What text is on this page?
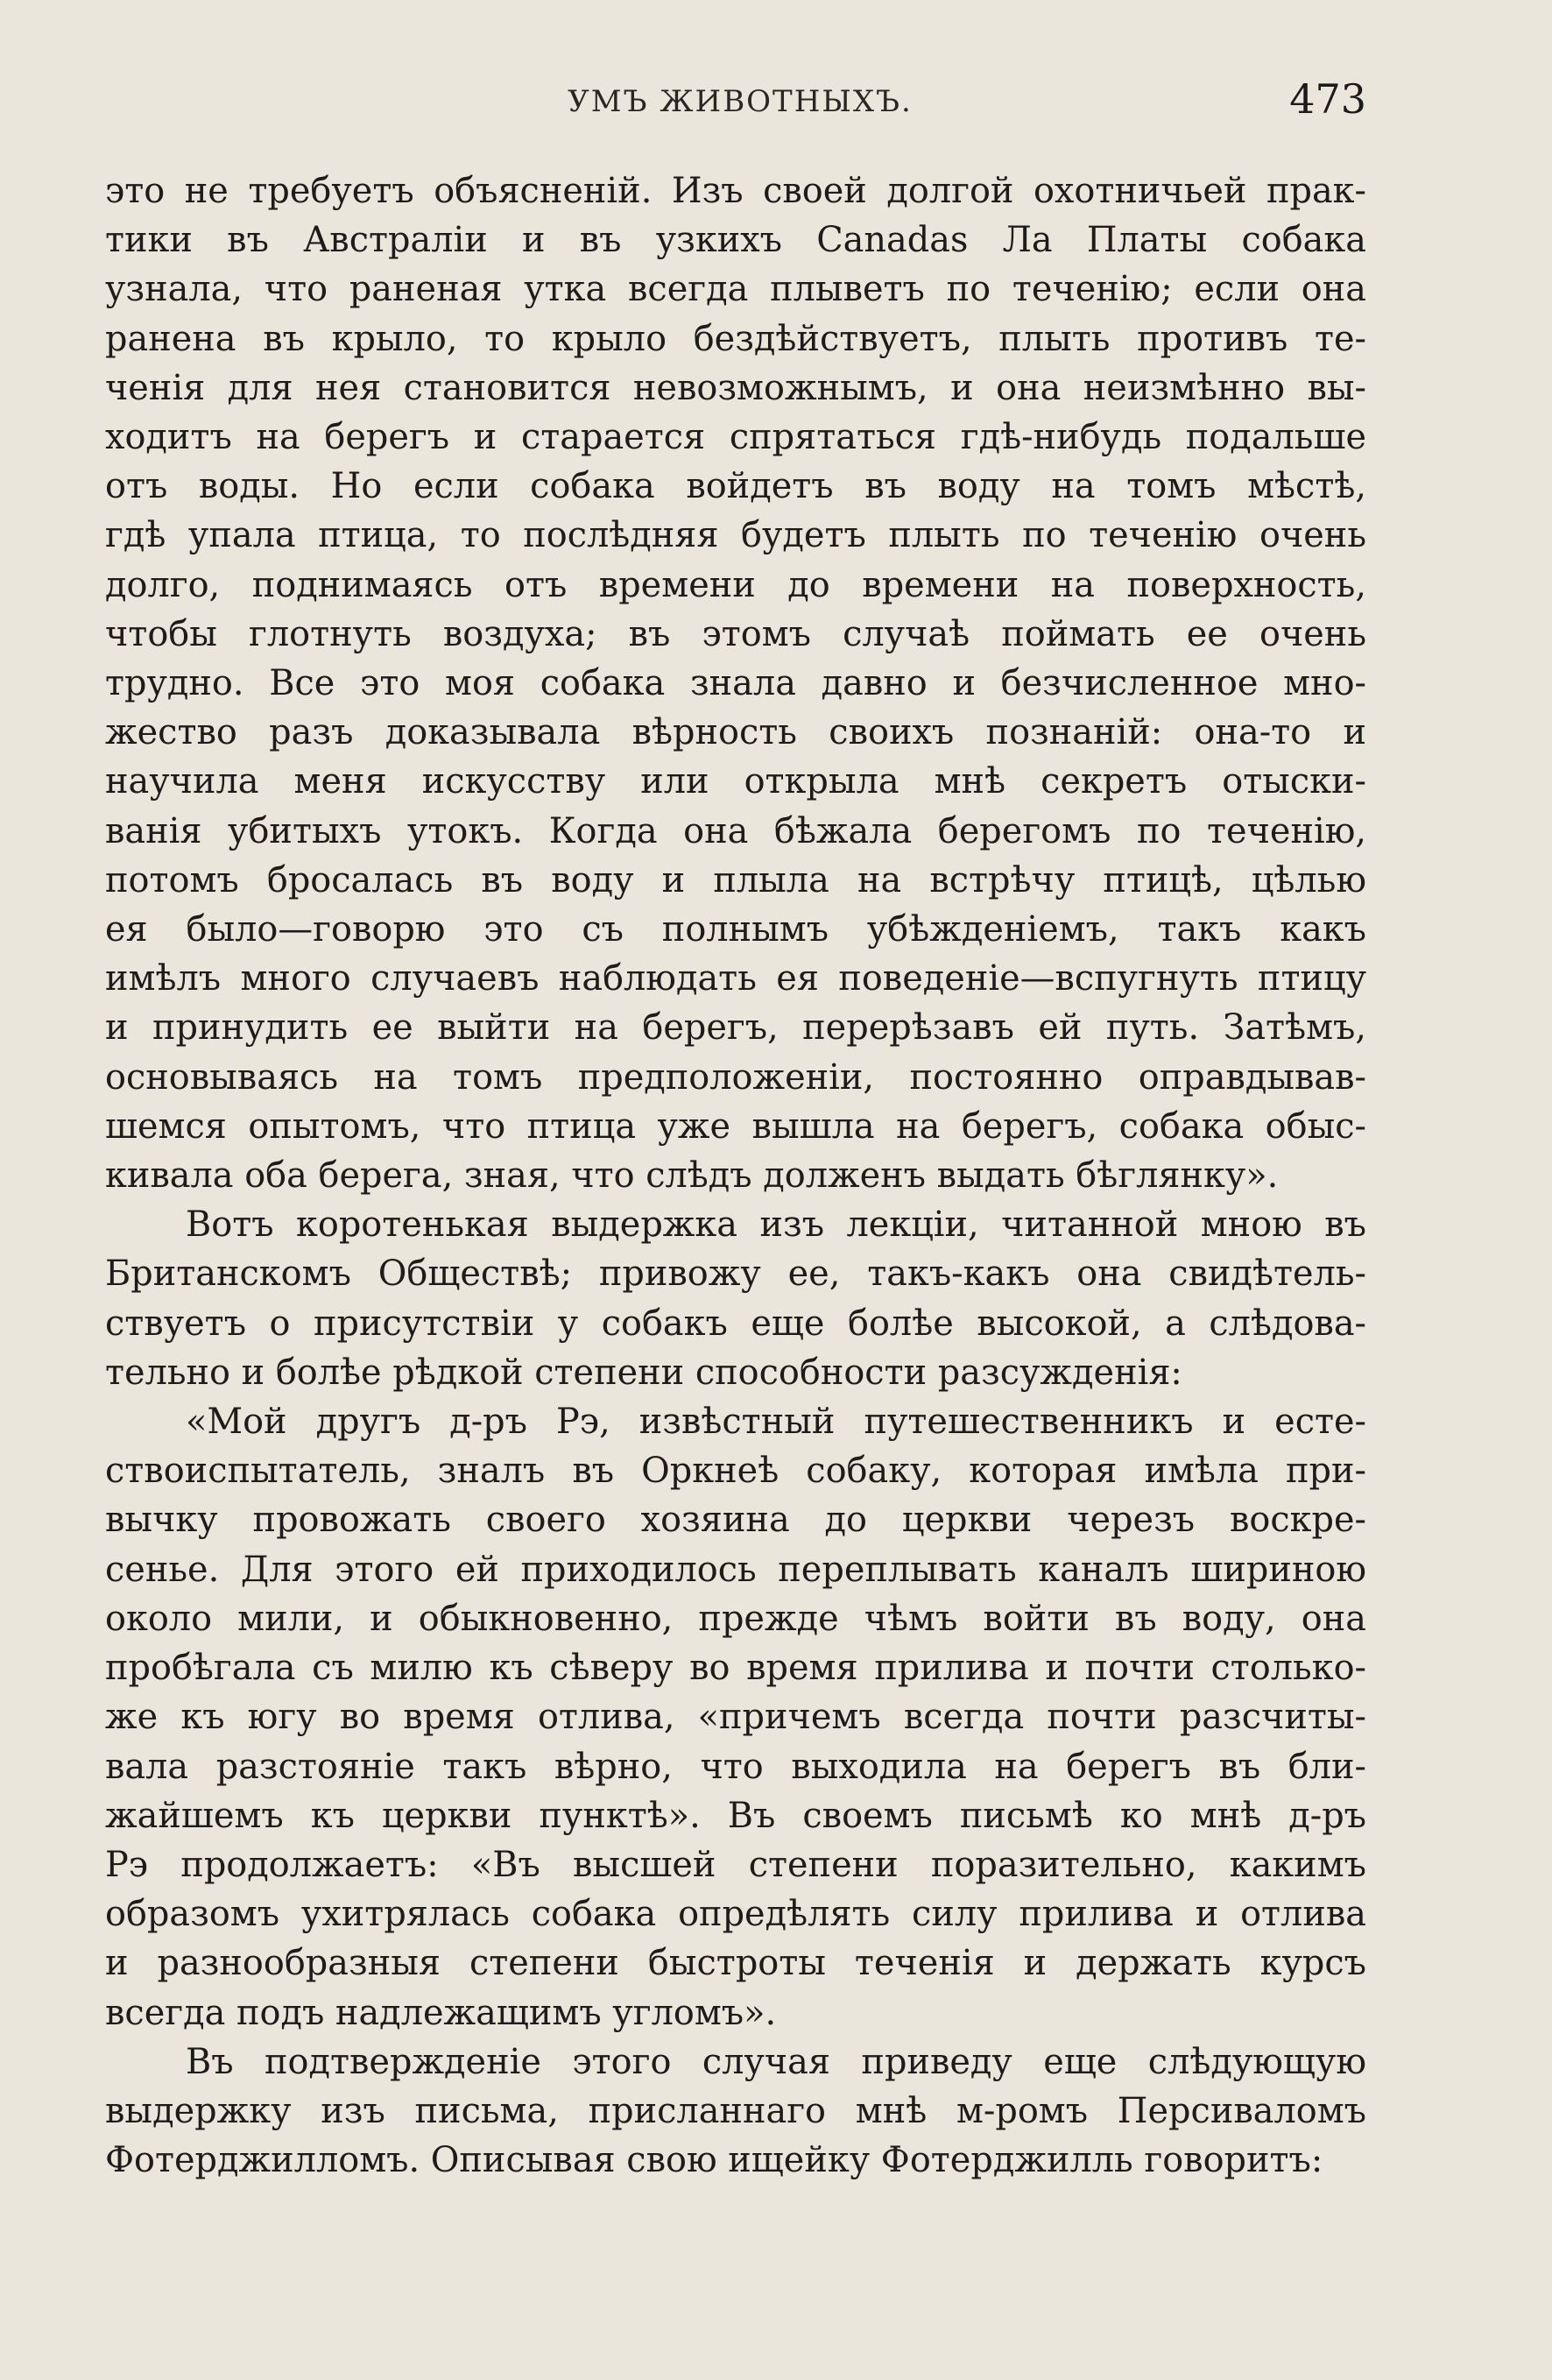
УМЪ ЖИВОТНЫХЪ.	473
это не требуетъ объясненій. Изъ своей долгой охотничьей прак-
тики въ Австраліи и въ узкихъ Canadas Ла Платы собака
узнала, что раненая утка всегда плыветъ по теченію; если она
ранена въ крыло, то крыло бездѣйствуетъ, плыть противъ те-
ченія для нея становится невозможнымъ, и она неизмѣнно вы-
ходитъ на берегъ и старается спрятаться гдѣ-нибудь подальше
отъ воды. Но если собака войдетъ въ воду на томъ мѣстѣ,
гдѣ упала птица, то послѣдняя будетъ плыть по теченію очень
долго, поднимаясь отъ времени до времени на поверхность,
чтобы глотнуть воздуха; въ этомъ случаѣ поймать ее очень
трудно. Все это моя собака знала давно и безчисленное мно-
жество разъ доказывала вѣрность своихъ познаній: она-то и
научила меня искусству или открыла мнѣ секретъ отыски-
ванія убитыхъ утокъ. Когда она бѣжала берегомъ по теченію,
потомъ бросалась въ воду и плыла на встрѣчу птицѣ, цѣлью
ея было—говорю это съ полнымъ убѣжденіемъ, такъ какъ
имѣлъ много случаевъ наблюдать ея поведеніе—вспугнуть птицу
и принудить ее выйти на берегъ, перерѣзавъ ей путь. Затѣмъ,
основываясь на томъ предположеніи, постоянно оправдывав-
шемся опытомъ, что птица уже вышла на берегъ, собака обыс-
кивала оба берега, зная, что слѣдъ долженъ выдать бѣглянку».
Вотъ коротенькая выдержка изъ лекціи, читанной мною въ
Британскомъ Обществѣ; привожу ее, такъ-какъ она свидѣтель-
ствуетъ о присутствіи у собакъ еще болѣе высокой, а слѣдова-
тельно и болѣе рѣдкой степени способности разсужденія:
«Мой другъ д-ръ Рэ, извѣстный путешественникъ и есте-
ствоиспытатель, зналъ въ Оркнеѣ собаку, которая имѣла при-
вычку провожать своего хозяина до церкви черезъ воскре-
сенье. Для этого ей приходилось переплывать каналъ шириною
около мили, и обыкновенно, прежде чѣмъ войти въ воду, она
пробѣгала съ милю къ сѣверу во время прилива и почти столько-
же къ югу во время отлива, «причемъ всегда почти разсчиты-
вала разстояніе такъ вѣрно, что выходила на берегъ въ бли-
жайшемъ къ церкви пунктѣ». Въ своемъ письмѣ ко мнѣ д-ръ
Рэ продолжаетъ: «Въ высшей степени поразительно, какимъ
образомъ ухитрялась собака опредѣлять силу прилива и отлива
и разнообразныя степени быстроты теченія и держать курсъ
всегда подъ надлежащимъ угломъ».
Въ подтвержденіе этого случая приведу еще слѣдующую
выдержку изъ письма, присланнаго мнѣ м-ромъ Персиваломъ
Фотерджилломъ. Описывая свою ищейку Фотерджилль говоритъ:
